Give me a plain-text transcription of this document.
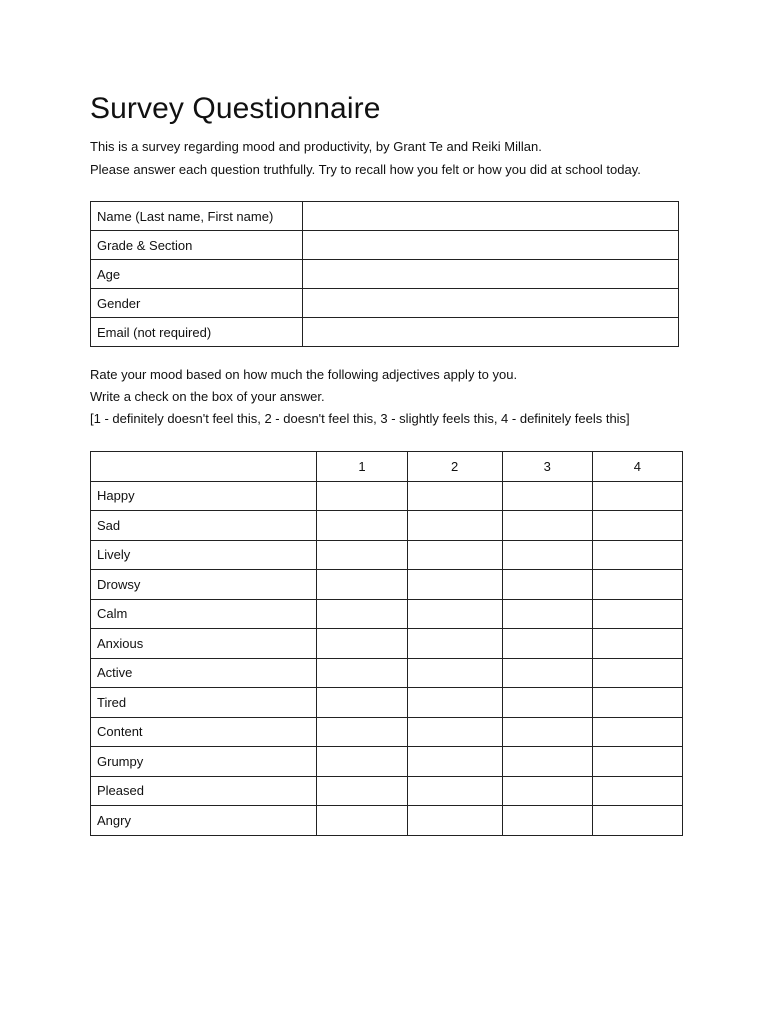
Survey Questionnaire

This is a survey regarding mood and productivity, by Grant Te and Reiki Millan.

Please answer each question truthfully. Try to recall how you felt or how you did at school today.

Name (Last name, First name)	
Grade & Section	
Age	
Gender	
Email (not required)	

Rate your mood based on how much the following adjectives apply to you.

Write a check on the box of your answer.

[1 - definitely doesn't feel this, 2 - doesn't feel this, 3 - slightly feels this, 4 - definitely feels this]

	1	2	3	4
Happy				
Sad				
Lively				
Drowsy				
Calm				
Anxious				
Active				
Tired				
Content				
Grumpy				
Pleased				
Angry				
